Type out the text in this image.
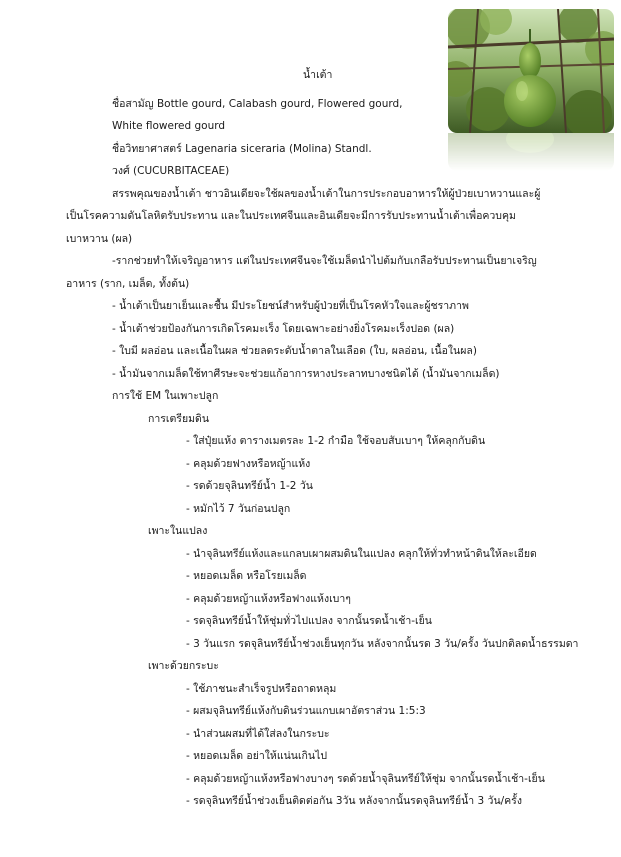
น้ำเต้า
ชื่อสามัญ Bottle gourd, Calabash gourd, Flowered gourd,
White flowered gourd
ชื่อวิทยาศาสตร์ Lagenaria siceraria (Molina) Standl.
วงศ์ (CUCURBITACEAE)
สรรพคุณของน้ำเต้า ชาวอินเดียจะใช้ผลของน้ำเต้าในการประกอบอาหารให้ผู้ป่วยเบาหวานและผู้
เป็นโรคความดันโลหิตรับประทาน และในประเทศจีนและอินเดียจะมีการรับประทานน้ำเต้าเพื่อควบคุม
เบาหวาน (ผล)
-รากช่วยทำให้เจริญอาหาร แต่ในประเทศจีนจะใช้เมล็ดนำไปต้มกับเกลือรับประทานเป็นยาเจริญ
อาหาร (ราก, เมล็ด, ทั้งต้น)
- น้ำเต้าเป็นยาเย็นและชื้น มีประโยชน์สำหรับผู้ป่วยที่เป็นโรคหัวใจและผู้ชราภาพ
- น้ำเต้าช่วยป้องกันการเกิดโรคมะเร็ง โดยเฉพาะอย่างยิ่งโรคมะเร็งปอด (ผล)
- ใบมี ผลอ่อน และเนื้อในผล ช่วยลดระดับน้ำตาลในเลือด (ใบ, ผลอ่อน, เนื้อในผล)
- น้ำมันจากเมล็ดใช้ทาศีรษะจะช่วยแก้อาการหางประลาทบางชนิดได้ (น้ำมันจากเมล็ด)
การใช้ EM ในเพาะปลูก
การเตรียมดิน
- ใส่ปุ๋ยแห้ง ตารางเมตรละ 1-2 กำมือ ใช้จอบสับเบาๆ ให้คลุกกับดิน
- คลุมด้วยฟางหรือหญ้าแห้ง
- รดด้วยจุลินทรีย์น้ำ 1-2 วัน
- หมักไว้ 7 วันก่อนปลูก
เพาะในแปลง
- นำจุลินทรีย์แห้งและแกลบเผาผสมดินในแปลง คลุกให้ทั่วทำหน้าดินให้ละเอียด
- หยอดเมล็ด หรือโรยเมล็ด
- คลุมด้วยหญ้าแห้งหรือฟางแห้งเบาๆ
- รดจุลินทรีย์น้ำให้ชุ่มทั่วไปแปลง จากนั้นรดน้ำเช้า-เย็น
- 3 วันแรก รดจุลินทรีย์น้ำช่วงเย็นทุกวัน หลังจากนั้นรด 3 วัน/ครั้ง วันปกติลดน้ำธรรมดา
เพาะด้วยกระบะ
- ใช้ภาชนะสำเร็จรูปหรือถาดหลุม
- ผสมจุลินทรีย์แห้งกับดินร่วนแกบเผาอัตราส่วน 1:5:3
- นำส่วนผสมที่ได้ใส่ลงในกระบะ
- หยอดเมล็ด อย่าให้แน่นเกินไป
- คลุมด้วยหญ้าแห้งหรือฟางบางๆ รดด้วยน้ำจุลินทรีย์ให้ชุ่ม จากนั้นรดน้ำเช้า-เย็น
- รดจุลินทรีย์น้ำช่วงเย็นติดต่อกัน 3วัน หลังจากนั้นรดจุลินทรีย์น้ำ 3 วัน/ครั้ง
